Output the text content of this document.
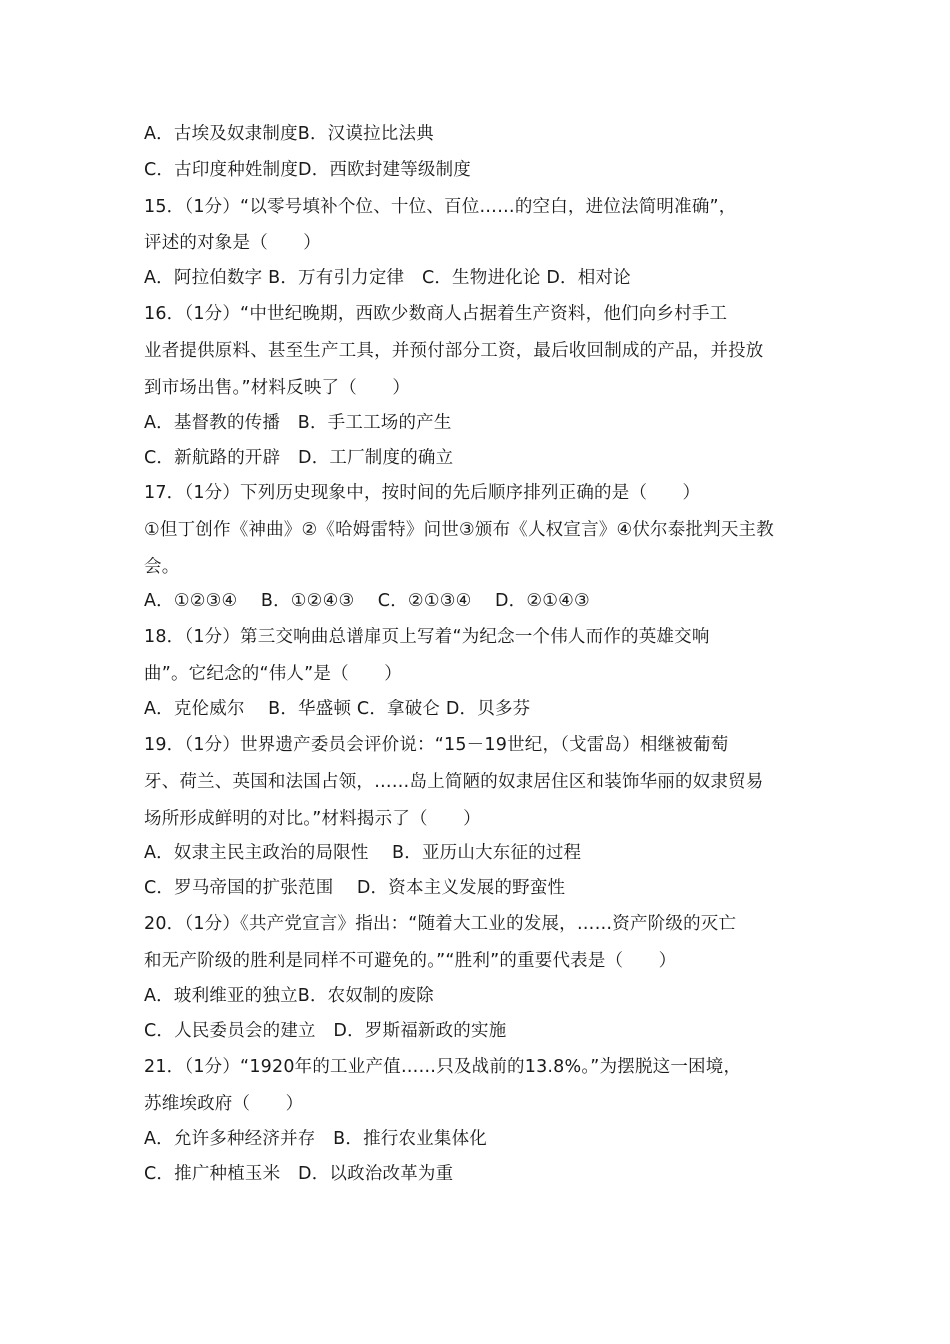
A．古埃及奴隶制度B．汉谟拉比法典
C．古印度种姓制度D．西欧封建等级制度
15．（1分）“以零号填补个位、十位、百位……的空白，进位法简明准确”，
评述的对象是（　　）
A．阿拉伯数字 B．万有引力定律　C．生物进化论 D．相对论
16．（1分）“中世纪晚期，西欧少数商人占据着生产资料，他们向乡村手工
业者提供原料、甚至生产工具，并预付部分工资，最后收回制成的产品，并投放
到市场出售。”材料反映了（　　）
A．基督教的传播　B．手工工场的产生
C．新航路的开辟　D．工厂制度的确立
17．（1分）下列历史现象中，按时间的先后顺序排列正确的是（　　）
①但丁创作《神曲》②《哈姆雷特》问世③颁布《人权宣言》④伏尔泰批判天主教
会。
A．①②③④　 B．①②④③　 C．②①③④　 D．②①④③
18．（1分）第三交响曲总谱扉页上写着“为纪念一个伟人而作的英雄交响
曲”。它纪念的“伟人”是（　　）
A．克伦威尔　 B．华盛顿 C．拿破仑 D．贝多芬
19．（1分）世界遗产委员会评价说：“15－19世纪，（戈雷岛）相继被葡萄
牙、荷兰、英国和法国占领，……岛上简陋的奴隶居住区和装饰华丽的奴隶贸易
场所形成鲜明的对比。”材料揭示了（　　）
A．奴隶主民主政治的局限性　 B．亚历山大东征的过程
C．罗马帝国的扩张范围　 D．资本主义发展的野蛮性
20．（1分）《共产党宣言》指出：“随着大工业的发展，……资产阶级的灭亡
和无产阶级的胜利是同样不可避免的。”“胜利”的重要代表是（　　）
A．玻利维亚的独立B．农奴制的废除
C．人民委员会的建立　D．罗斯福新政的实施
21．（1分）“1920年的工业产值……只及战前的13.8%。”为摆脱这一困境，
苏维埃政府（　　）
A．允许多种经济并存　B．推行农业集体化
C．推广种植玉米　D．以政治改革为重
